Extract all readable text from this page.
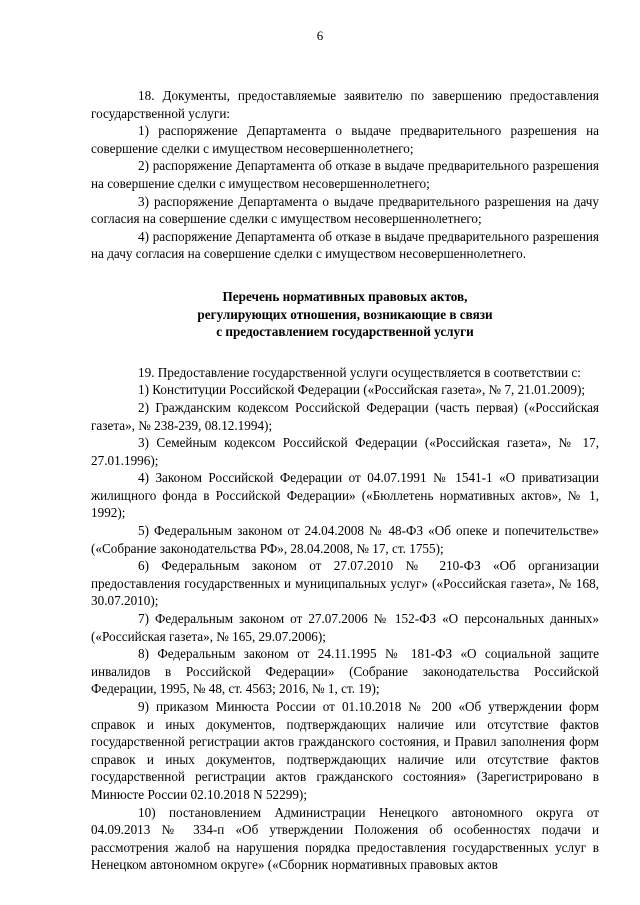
6

18. Документы, предоставляемые заявителю по завершению предоставления государственной услуги:

1) распоряжение Департамента о выдаче предварительного разрешения на совершение сделки с имуществом несовершеннолетнего;

2) распоряжение Департамента об отказе в выдаче предварительного разрешения на совершение сделки с имуществом несовершеннолетнего;

3) распоряжение Департамента о выдаче предварительного разрешения на дачу согласия на совершение сделки с имуществом несовершеннолетнего;

4) распоряжение Департамента об отказе в выдаче предварительного разрешения на дачу согласия на совершение сделки с имуществом несовершеннолетнего.

Перечень нормативных правовых актов,
регулирующих отношения, возникающие в связи
с предоставлением государственной услуги

19. Предоставление государственной услуги осуществляется в соответствии с:

1) Конституции Российской Федерации («Российская газета», № 7, 21.01.2009);

2) Гражданским кодексом Российской Федерации (часть первая) («Российская газета», № 238-239, 08.12.1994);

3) Семейным кодексом Российской Федерации («Российская газета», № 17, 27.01.1996);

4) Законом Российской Федерации от 04.07.1991 № 1541-1 «О приватизации жилищного фонда в Российской Федерации» («Бюллетень нормативных актов», № 1, 1992);

5) Федеральным законом от 24.04.2008 № 48-ФЗ «Об опеке и попечительстве» («Собрание законодательства РФ», 28.04.2008, № 17, ст. 1755);

6) Федеральным законом от 27.07.2010 № 210-ФЗ «Об организации предоставления государственных и муниципальных услуг» («Российская газета», № 168, 30.07.2010);

7) Федеральным законом от 27.07.2006 № 152-ФЗ «О персональных данных» («Российская газета», № 165, 29.07.2006);

8) Федеральным законом от 24.11.1995 № 181-ФЗ «О социальной защите инвалидов в Российской Федерации» (Собрание законодательства Российской Федерации, 1995, № 48, ст. 4563; 2016, № 1, ст. 19);

9) приказом Минюста России от 01.10.2018 № 200 «Об утверждении форм справок и иных документов, подтверждающих наличие или отсутствие фактов государственной регистрации актов гражданского состояния, и Правил заполнения форм справок и иных документов, подтверждающих наличие или отсутствие фактов государственной регистрации актов гражданского состояния» (Зарегистрировано в Минюсте России 02.10.2018 N 52299);

10) постановлением Администрации Ненецкого автономного округа от 04.09.2013 № 334-п «Об утверждении Положения об особенностях подачи и рассмотрения жалоб на нарушения порядка предоставления государственных услуг в Ненецком автономном округе» («Сборник нормативных правовых актов
